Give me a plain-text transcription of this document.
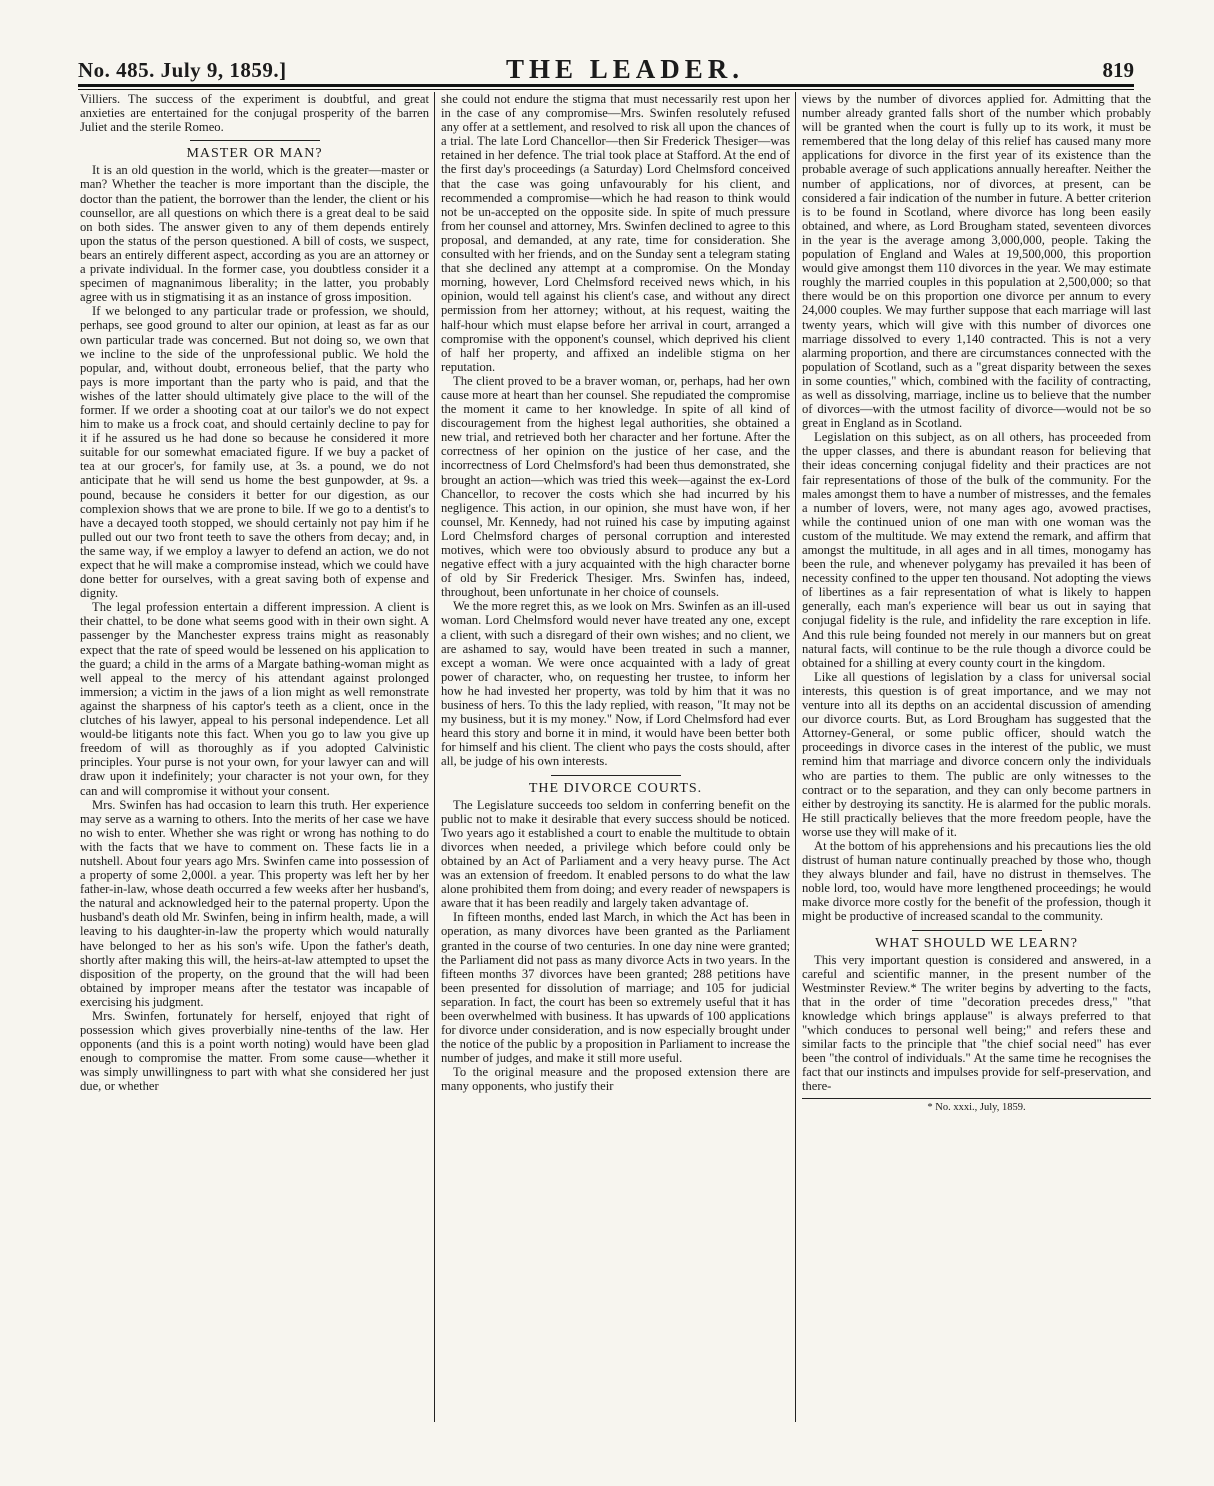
No. 485. July 9, 1859.]	THE LEADER.	819

Villiers. The success of the experiment is doubtful, and great anxieties are entertained for the conjugal prosperity of the barren Juliet and the sterile Romeo.

MASTER OR MAN?

It is an old question in the world, which is the greater—master or man? Whether the teacher is more important than the disciple, the doctor than the patient, the borrower than the lender, the client or his counsellor, are all questions on which there is a great deal to be said on both sides. The answer given to any of them depends entirely upon the status of the person questioned. A bill of costs, we suspect, bears an entirely different aspect, according as you are an attorney or a private individual. In the former case, you doubtless consider it a specimen of magnanimous liberality; in the latter, you probably agree with us in stigmatising it as an instance of gross imposition.

If we belonged to any particular trade or profession, we should, perhaps, see good ground to alter our opinion, at least as far as our own particular trade was concerned. But not doing so, we own that we incline to the side of the unprofessional public. We hold the popular, and, without doubt, erroneous belief, that the party who pays is more important than the party who is paid, and that the wishes of the latter should ultimately give place to the will of the former. If we order a shooting coat at our tailor's we do not expect him to make us a frock coat, and should certainly decline to pay for it if he assured us he had done so because he considered it more suitable for our somewhat emaciated figure. If we buy a packet of tea at our grocer's, for family use, at 3s. a pound, we do not anticipate that he will send us home the best gunpowder, at 9s. a pound, because he considers it better for our digestion, as our complexion shows that we are prone to bile. If we go to a dentist's to have a decayed tooth stopped, we should certainly not pay him if he pulled out our two front teeth to save the others from decay; and, in the same way, if we employ a lawyer to defend an action, we do not expect that he will make a compromise instead, which we could have done better for ourselves, with a great saving both of expense and dignity.

The legal profession entertain a different impression. A client is their chattel, to be done what seems good with in their own sight. A passenger by the Manchester express trains might as reasonably expect that the rate of speed would be lessened on his application to the guard; a child in the arms of a Margate bathing-woman might as well appeal to the mercy of his attendant against prolonged immersion; a victim in the jaws of a lion might as well remonstrate against the sharpness of his captor's teeth as a client, once in the clutches of his lawyer, appeal to his personal independence. Let all would-be litigants note this fact. When you go to law you give up freedom of will as thoroughly as if you adopted Calvinistic principles. Your purse is not your own, for your lawyer can and will draw upon it indefinitely; your character is not your own, for they can and will compromise it without your consent.

Mrs. Swinfen has had occasion to learn this truth. Her experience may serve as a warning to others. Into the merits of her case we have no wish to enter. Whether she was right or wrong has nothing to do with the facts that we have to comment on. These facts lie in a nutshell. About four years ago Mrs. Swinfen came into possession of a property of some 2,000l. a year. This property was left her by her father-in-law, whose death occurred a few weeks after her husband's, the natural and acknowledged heir to the paternal property. Upon the husband's death old Mr. Swinfen, being in infirm health, made, a will leaving to his daughter-in-law the property which would naturally have belonged to her as his son's wife. Upon the father's death, shortly after making this will, the heirs-at-law attempted to upset the disposition of the property, on the ground that the will had been obtained by improper means after the testator was incapable of exercising his judgment.

Mrs. Swinfen, fortunately for herself, enjoyed that right of possession which gives proverbially nine-tenths of the law. Her opponents (and this is a point worth noting) would have been glad enough to compromise the matter. From some cause—whether it was simply unwillingness to part with what she considered her just due, or whether

she could not endure the stigma that must necessarily rest upon her in the case of any compromise—Mrs. Swinfen resolutely refused any offer at a settlement, and resolved to risk all upon the chances of a trial. The late Lord Chancellor—then Sir Frederick Thesiger—was retained in her defence. The trial took place at Stafford. At the end of the first day's proceedings (a Saturday) Lord Chelmsford conceived that the case was going unfavourably for his client, and recommended a compromise—which he had reason to think would not be un-accepted on the opposite side. In spite of much pressure from her counsel and attorney, Mrs. Swinfen declined to agree to this proposal, and demanded, at any rate, time for consideration. She consulted with her friends, and on the Sunday sent a telegram stating that she declined any attempt at a compromise. On the Monday morning, however, Lord Chelmsford received news which, in his opinion, would tell against his client's case, and without any direct permission from her attorney; without, at his request, waiting the half-hour which must elapse before her arrival in court, arranged a compromise with the opponent's counsel, which deprived his client of half her property, and affixed an indelible stigma on her reputation.

The client proved to be a braver woman, or, perhaps, had her own cause more at heart than her counsel. She repudiated the compromise the moment it came to her knowledge. In spite of all kind of discouragement from the highest legal authorities, she obtained a new trial, and retrieved both her character and her fortune. After the correctness of her opinion on the justice of her case, and the incorrectness of Lord Chelmsford's had been thus demonstrated, she brought an action—which was tried this week—against the ex-Lord Chancellor, to recover the costs which she had incurred by his negligence. This action, in our opinion, she must have won, if her counsel, Mr. Kennedy, had not ruined his case by imputing against Lord Chelmsford charges of personal corruption and interested motives, which were too obviously absurd to produce any but a negative effect with a jury acquainted with the high character borne of old by Sir Frederick Thesiger. Mrs. Swinfen has, indeed, throughout, been unfortunate in her choice of counsels.

We the more regret this, as we look on Mrs. Swinfen as an ill-used woman. Lord Chelmsford would never have treated any one, except a client, with such a disregard of their own wishes; and no client, we are ashamed to say, would have been treated in such a manner, except a woman. We were once acquainted with a lady of great power of character, who, on requesting her trustee, to inform her how he had invested her property, was told by him that it was no business of hers. To this the lady replied, with reason, "It may not be my business, but it is my money." Now, if Lord Chelmsford had ever heard this story and borne it in mind, it would have been better both for himself and his client. The client who pays the costs should, after all, be judge of his own interests.

THE DIVORCE COURTS.

The Legislature succeeds too seldom in conferring benefit on the public not to make it desirable that every success should be noticed. Two years ago it established a court to enable the multitude to obtain divorces when needed, a privilege which before could only be obtained by an Act of Parliament and a very heavy purse. The Act was an extension of freedom. It enabled persons to do what the law alone prohibited them from doing; and every reader of newspapers is aware that it has been readily and largely taken advantage of.

In fifteen months, ended last March, in which the Act has been in operation, as many divorces have been granted as the Parliament granted in the course of two centuries. In one day nine were granted; the Parliament did not pass as many divorce Acts in two years. In the fifteen months 37 divorces have been granted; 288 petitions have been presented for dissolution of marriage; and 105 for judicial separation. In fact, the court has been so extremely useful that it has been overwhelmed with business. It has upwards of 100 applications for divorce under consideration, and is now especially brought under the notice of the public by a proposition in Parliament to increase the number of judges, and make it still more useful.

To the original measure and the proposed extension there are many opponents, who justify their

views by the number of divorces applied for. Admitting that the number already granted falls short of the number which probably will be granted when the court is fully up to its work, it must be remembered that the long delay of this relief has caused many more applications for divorce in the first year of its existence than the probable average of such applications annually hereafter. Neither the number of applications, nor of divorces, at present, can be considered a fair indication of the number in future. A better criterion is to be found in Scotland, where divorce has long been easily obtained, and where, as Lord Brougham stated, seventeen divorces in the year is the average among 3,000,000, people. Taking the population of England and Wales at 19,500,000, this proportion would give amongst them 110 divorces in the year. We may estimate roughly the married couples in this population at 2,500,000; so that there would be on this proportion one divorce per annum to every 24,000 couples. We may further suppose that each marriage will last twenty years, which will give with this number of divorces one marriage dissolved to every 1,140 contracted. This is not a very alarming proportion, and there are circumstances connected with the population of Scotland, such as a "great disparity between the sexes in some counties," which, combined with the facility of contracting, as well as dissolving, marriage, incline us to believe that the number of divorces—with the utmost facility of divorce—would not be so great in England as in Scotland.

Legislation on this subject, as on all others, has proceeded from the upper classes, and there is abundant reason for believing that their ideas concerning conjugal fidelity and their practices are not fair representations of those of the bulk of the community. For the males amongst them to have a number of mistresses, and the females a number of lovers, were, not many ages ago, avowed practises, while the continued union of one man with one woman was the custom of the multitude. We may extend the remark, and affirm that amongst the multitude, in all ages and in all times, monogamy has been the rule, and whenever polygamy has prevailed it has been of necessity confined to the upper ten thousand. Not adopting the views of libertines as a fair representation of what is likely to happen generally, each man's experience will bear us out in saying that conjugal fidelity is the rule, and infidelity the rare exception in life. And this rule being founded not merely in our manners but on great natural facts, will continue to be the rule though a divorce could be obtained for a shilling at every county court in the kingdom.

Like all questions of legislation by a class for universal social interests, this question is of great importance, and we may not venture into all its depths on an accidental discussion of amending our divorce courts. But, as Lord Brougham has suggested that the Attorney-General, or some public officer, should watch the proceedings in divorce cases in the interest of the public, we must remind him that marriage and divorce concern only the individuals who are parties to them. The public are only witnesses to the contract or to the separation, and they can only become partners in either by destroying its sanctity. He is alarmed for the public morals. He still practically believes that the more freedom people, have the worse use they will make of it.

At the bottom of his apprehensions and his precautions lies the old distrust of human nature continually preached by those who, though they always blunder and fail, have no distrust in themselves. The noble lord, too, would have more lengthened proceedings; he would make divorce more costly for the benefit of the profession, though it might be productive of increased scandal to the community.

WHAT SHOULD WE LEARN?

This very important question is considered and answered, in a careful and scientific manner, in the present number of the Westminster Review.* The writer begins by adverting to the facts, that in the order of time "decoration precedes dress," "that knowledge which brings applause" is always preferred to that "which conduces to personal well being;" and refers these and similar facts to the principle that "the chief social need" has ever been "the control of individuals." At the same time he recognises the fact that our instincts and impulses provide for self-preservation, and there-

* No. xxxi., July, 1859.
